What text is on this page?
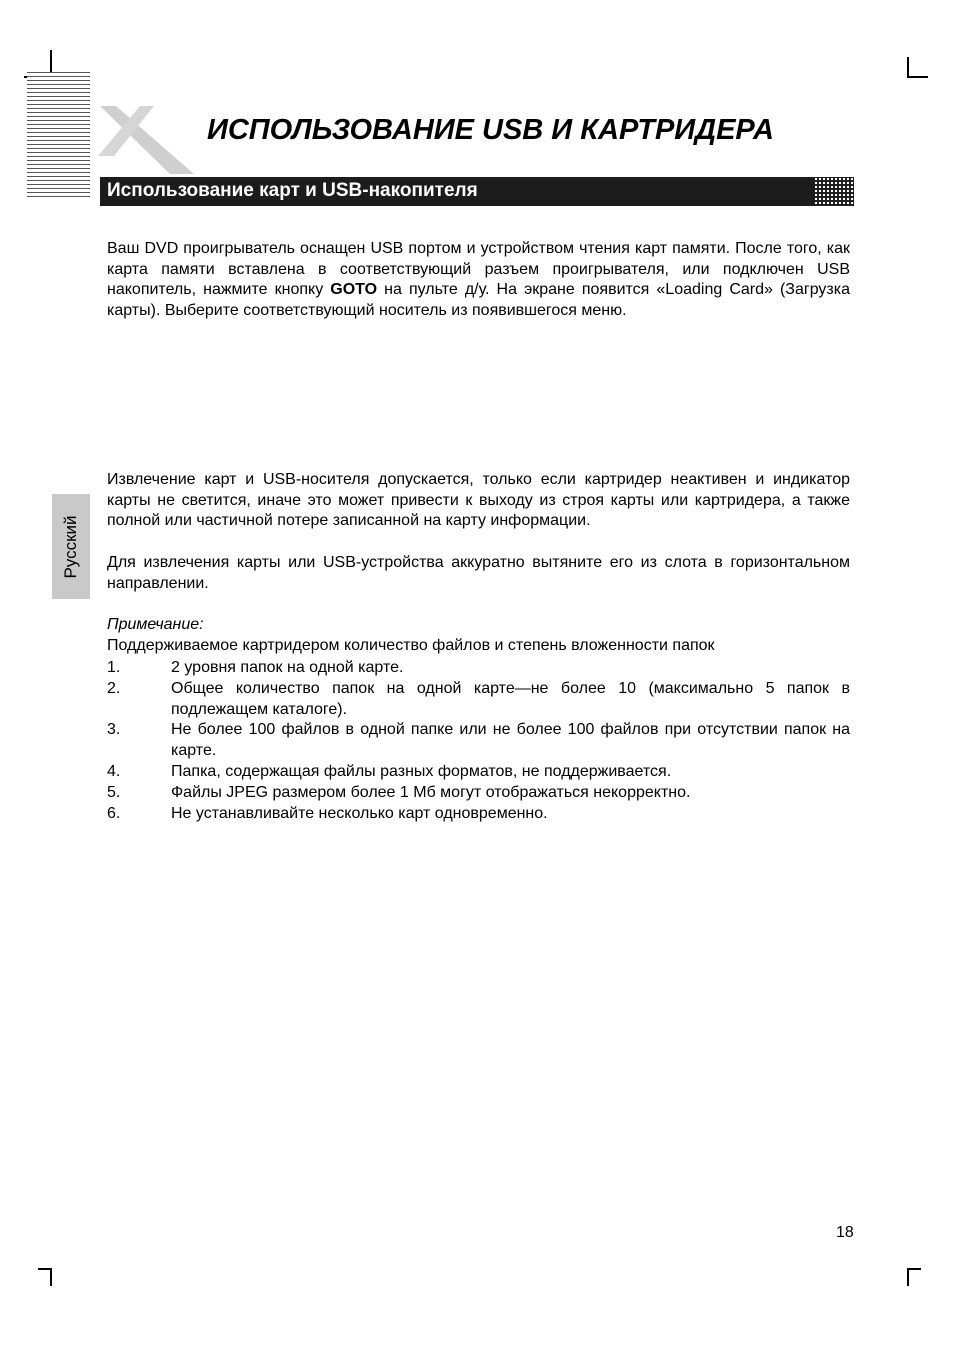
ИСПОЛЬЗОВАНИЕ USB И КАРТРИДЕРА
Использование карт и USB-накопителя
Русский

Ваш DVD проигрыватель оснащен USB портом и устройством чтения карт памяти. После того, как карта памяти вставлена в соответствующий разъем проигрывателя, или подключен USB накопитель, нажмите кнопку GOTO на пульте д/у. На экране появится «Loading Card» (Загрузка карты). Выберите соответствующий носитель из появившегося меню.

Извлечение карт и USB-носителя допускается, только если картридер неактивен и индикатор карты не светится, иначе это может привести к выходу из строя карты или картридера, а также полной или частичной потере записанной на карту информации.

Для извлечения карты или USB-устройства аккуратно вытяните его из слота в горизонтальном направлении.

Примечание:
Поддерживаемое картридером количество файлов и степень вложенности папок
1.	2 уровня папок на одной карте.
2.	Общее количество папок на одной карте—не более 10 (максимально 5 папок в подлежащем каталоге).
3.	Не более 100 файлов в одной папке или не более 100 файлов при отсутствии папок на карте.
4.	Папка, содержащая файлы разных форматов, не поддерживается.
5.	Файлы JPEG размером более 1 Мб могут отображаться некорректно.
6.	Не устанавливайте несколько карт одновременно.
18
